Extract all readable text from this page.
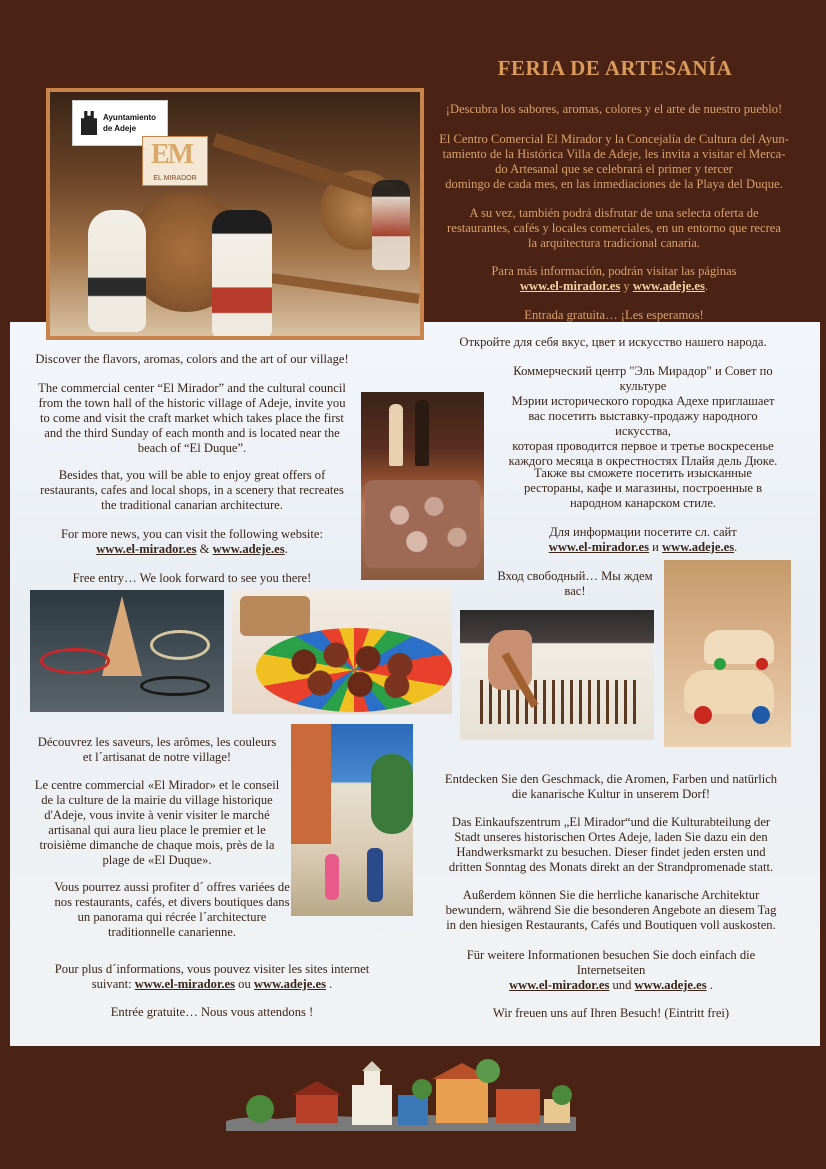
FERIA DE ARTESANÍA
¡Descubra los sabores, aromas, colores y el arte de nuestro pueblo!
El Centro Comercial El Mirador y la Concejalía de Cultura del Ayun-
tamiento de la Histórica Villa de Adeje, les invita a visitar el Merca-
do Artesanal que se celebrará el primer y tercer
domingo de cada mes, en las inmediaciones de la Playa del Duque.
A su vez, también podrá disfrutar de una selecta oferta de
restaurantes, cafés y locales comerciales, en un entorno que recrea
la arquitectura tradicional canaria.
Para más información, podrán visitar las páginas
www.el-mirador.es y www.adeje.es.
Entrada gratuita… ¡Les esperamos!
Ayuntamiento
de Adeje
EM
EL MIRADOR
Discover the flavors, aromas, colors and the art of our village!
The commercial center “El Mirador” and the cultural council
from the town hall of the historic village of Adeje, invite you
to come and visit the craft market which takes place the first
and the third Sunday of each month and is located near the
beach of “El Duque”.
Besides that, you will be able to enjoy great offers of
restaurants, cafes and local shops, in a scenery that recreates
the traditional canarian architecture.
For more news, you can visit the following website:
www.el-mirador.es & www.adeje.es.
Free entry… We look forward to see you there!
Откройте для себя вкус, цвет и искусство нашего народа.
Коммерческий центр "Эль Мирадор" и Совет по культуре
Мэрии исторического городка Адехе приглашает
вас посетить выставку-продажу народного
искусства,
которая проводится первое и третье воскресенье
каждого месяца в окрестностях Плайя дель Дюке.
Также вы сможете посетить изысканные
рестораны, кафе и магазины, построенные в
народном канарском стиле.
Для информации посетите сл. сайт
www.el-mirador.es и www.adeje.es.
Вход свободный… Мы ждем
вас!
Découvrez les saveurs, les arômes, les couleurs
et l´artisanat de notre village!
Le centre commercial «El Mirador» et le conseil
de la culture de la mairie du village historique
d'Adeje, vous invite à venir visiter le marché
artisanal qui aura lieu place le premier et le
troisième dimanche de chaque mois, près de la
plage de «El Duque».
Vous pourrez aussi profiter d´ offres variées de
nos restaurants, cafés, et divers boutiques dans
un panorama qui récrée l´architecture
traditionnelle canarienne.
Pour plus d´informations, vous pouvez visiter les sites internet
suivant: www.el-mirador.es ou www.adeje.es .
Entrée gratuite… Nous vous attendons !
Entdecken Sie den Geschmack, die Aromen, Farben und natürlich
die kanarische Kultur in unserem Dorf!
Das Einkaufszentrum „El Mirador“und die Kulturabteilung der
Stadt unseres historischen Ortes Adeje, laden Sie dazu ein den
Handwerksmarkt zu besuchen. Dieser findet jeden ersten und
dritten Sonntag des Monats direkt an der Strandpromenade statt.
Außerdem können Sie die herrliche kanarische Architektur
bewundern, während Sie die besonderen Angebote an diesem Tag
in den hiesigen Restaurants, Cafés und Boutiquen voll auskosten.
Für weitere Informationen besuchen Sie doch einfach die
Internetseiten
www.el-mirador.es und www.adeje.es .
Wir freuen uns auf Ihren Besuch! (Eintritt frei)
